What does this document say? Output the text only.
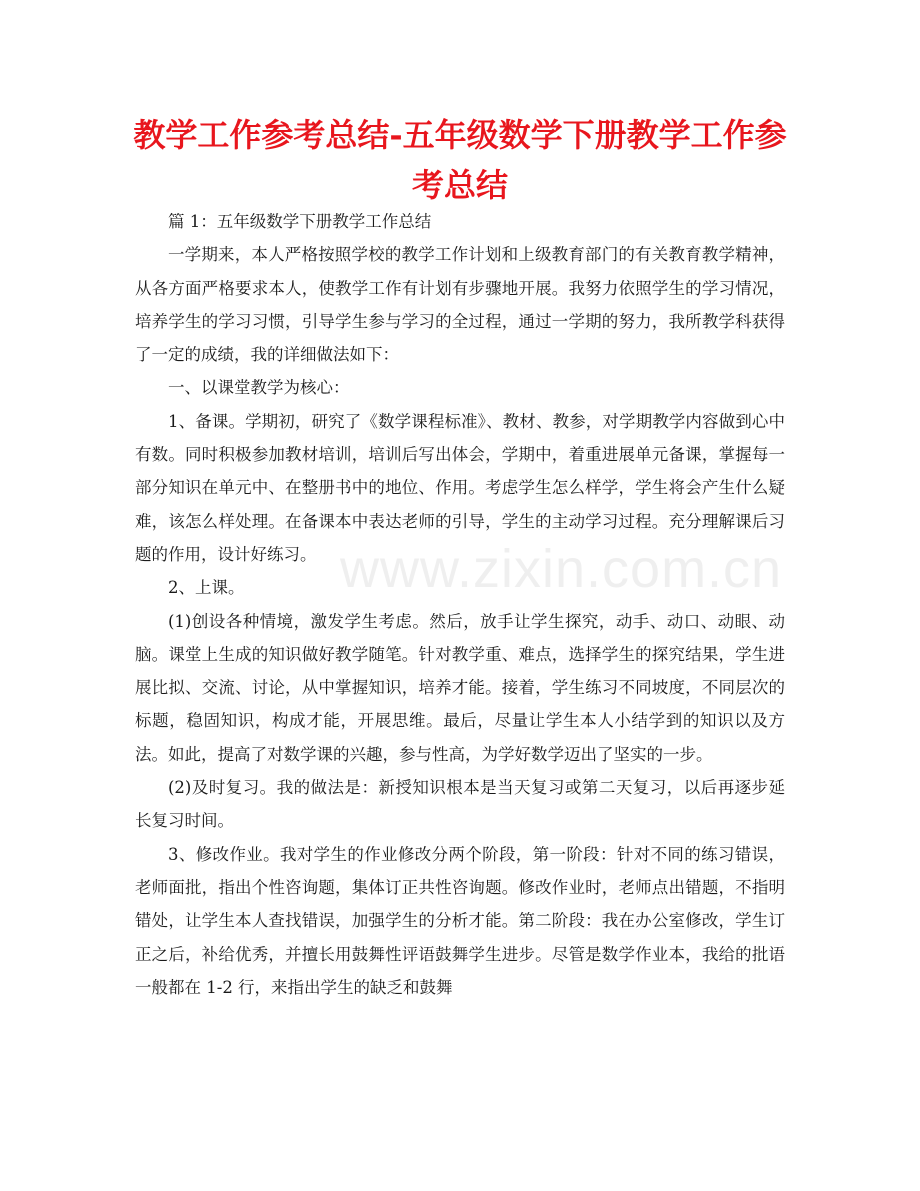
教学工作参考总结-五年级数学下册教学工作参考总结
www.zixin.com.cn

篇 1：五年级数学下册教学工作总结

一学期来，本人严格按照学校的教学工作计划和上级教育部门的有关教育教学精神，从各方面严格要求本人，使教学工作有计划有步骤地开展。我努力依照学生的学习情况，培养学生的学习习惯，引导学生参与学习的全过程，通过一学期的努力，我所教学科获得了一定的成绩，我的详细做法如下：

一、以课堂教学为核心：

1、备课。学期初，研究了《数学课程标准》、教材、教参，对学期教学内容做到心中有数。同时积极参加教材培训，培训后写出体会，学期中，着重进展单元备课，掌握每一部分知识在单元中、在整册书中的地位、作用。考虑学生怎么样学，学生将会产生什么疑难，该怎么样处理。在备课本中表达老师的引导，学生的主动学习过程。充分理解课后习题的作用，设计好练习。

2、上课。

(1)创设各种情境，激发学生考虑。然后，放手让学生探究，动手、动口、动眼、动脑。课堂上生成的知识做好教学随笔。针对教学重、难点，选择学生的探究结果，学生进展比拟、交流、讨论，从中掌握知识，培养才能。接着，学生练习不同坡度，不同层次的标题，稳固知识，构成才能，开展思维。最后，尽量让学生本人小结学到的知识以及方法。如此，提高了对数学课的兴趣，参与性高，为学好数学迈出了坚实的一步。

(2)及时复习。我的做法是：新授知识根本是当天复习或第二天复习，以后再逐步延长复习时间。

3、修改作业。我对学生的作业修改分两个阶段，第一阶段：针对不同的练习错误，老师面批，指出个性咨询题，集体订正共性咨询题。修改作业时，老师点出错题，不指明错处，让学生本人查找错误，加强学生的分析才能。第二阶段：我在办公室修改，学生订正之后，补给优秀，并擅长用鼓舞性评语鼓舞学生进步。尽管是数学作业本，我给的批语一般都在 1-2 行，来指出学生的缺乏和鼓舞
